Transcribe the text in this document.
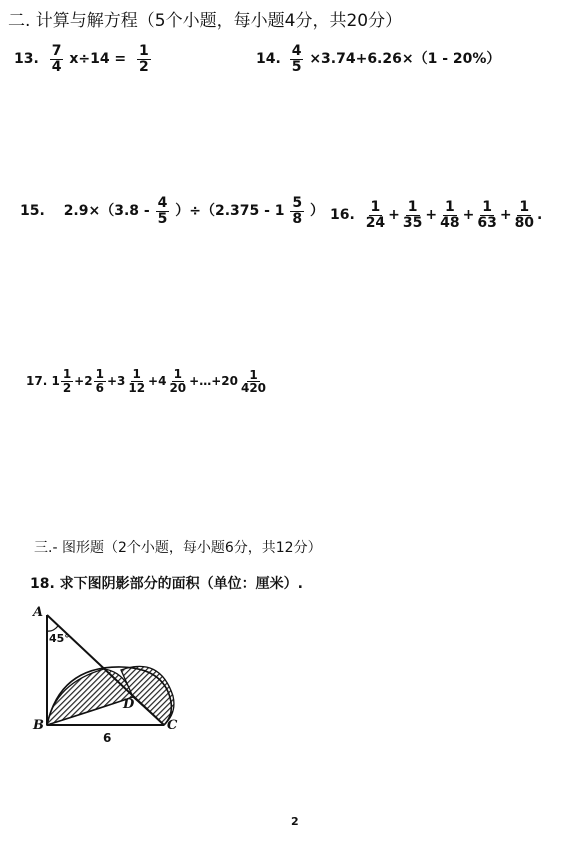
二. 计算与解方程（5个小题，每小题4分，共20分）
13. $\frac{7}{4} x\div 14 = \frac{1}{2}$	14. $\frac{4}{5} \times 3.74+6.26\times(1 - 20\%)$
15. $2.9\times(3.8 - \frac{4}{5} )\div(2.375 - 1 \frac{5}{8}$ ） 16. $\frac{1}{24} + \frac{1}{35} + \frac{1}{48} + \frac{1}{63} + \frac{1}{80}$ .
17. $1 \frac{1}{2} +2 \frac{1}{6} +3 \frac{1}{12} +4 \frac{1}{20}$ +…+20 $\frac{1}{420}$
三.- 图形题（2个小题，每小题6分，共12分）
18. 求下图阴影部分的面积（单位：厘米）.
A
45°
D
B	C
6
2
